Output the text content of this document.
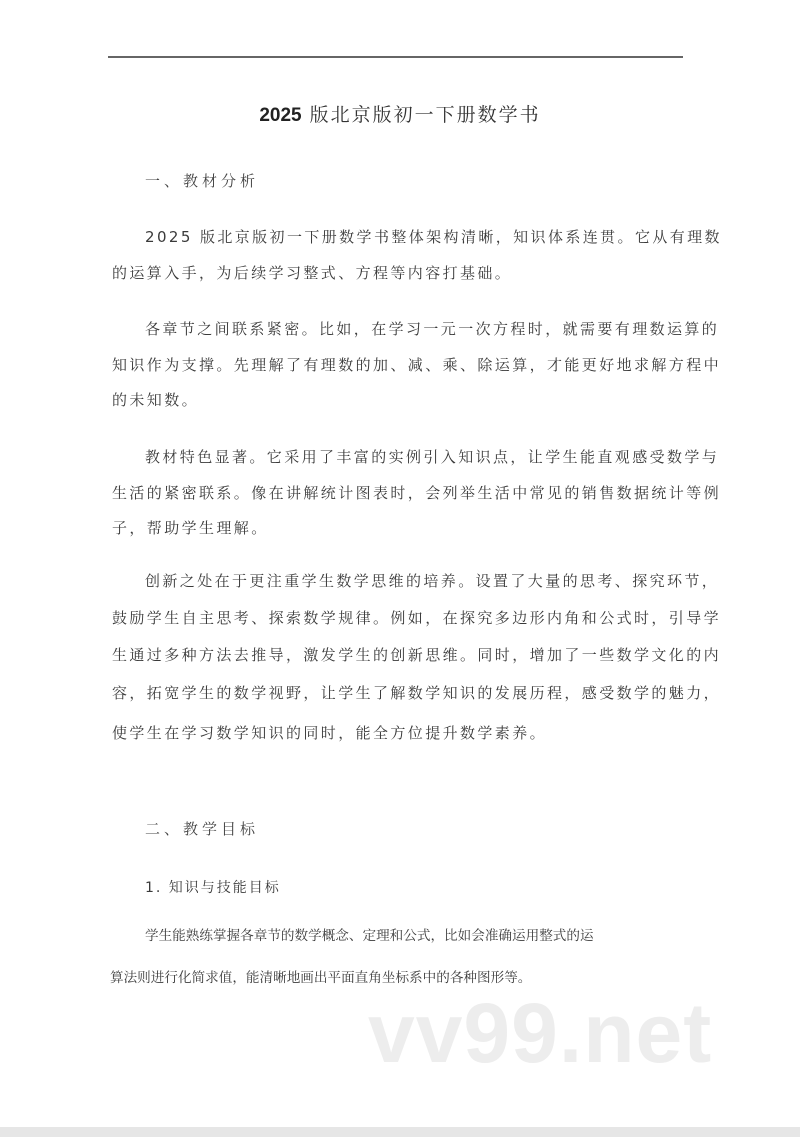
2025 版北京版初一下册数学书
一、教材分析
2025 版北京版初一下册数学书整体架构清晰，知识体系连贯。它从有理数
的运算入手，为后续学习整式、方程等内容打基础。
各章节之间联系紧密。比如，在学习一元一次方程时，就需要有理数运算的
知识作为支撑。先理解了有理数的加、减、乘、除运算，才能更好地求解方程中
的未知数。
教材特色显著。它采用了丰富的实例引入知识点，让学生能直观感受数学与
生活的紧密联系。像在讲解统计图表时，会列举生活中常见的销售数据统计等例
子，帮助学生理解。
创新之处在于更注重学生数学思维的培养。设置了大量的思考、探究环节，
鼓励学生自主思考、探索数学规律。例如，在探究多边形内角和公式时，引导学
生通过多种方法去推导，激发学生的创新思维。同时，增加了一些数学文化的内
容，拓宽学生的数学视野，让学生了解数学知识的发展历程，感受数学的魅力，
使学生在学习数学知识的同时，能全方位提升数学素养。
二、教学目标
1. 知识与技能目标
学生能熟练掌握各章节的数学概念、定理和公式，比如会准确运用整式的运
算法则进行化简求值，能清晰地画出平面直角坐标系中的各种图形等。
vv99.net
